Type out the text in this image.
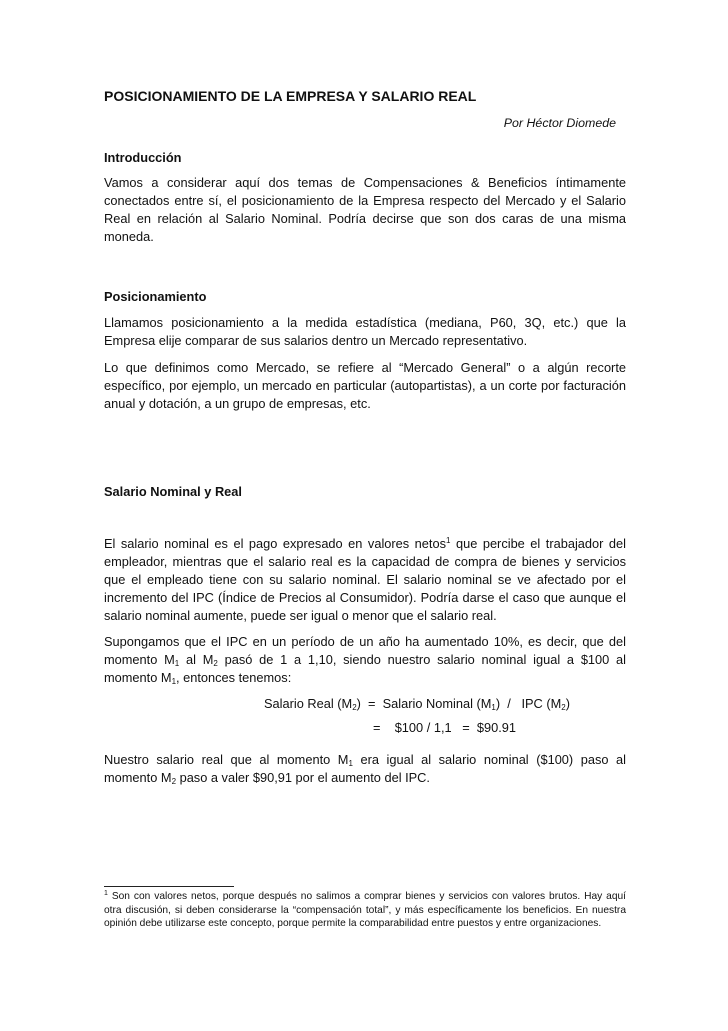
POSICIONAMIENTO DE LA EMPRESA Y SALARIO REAL

Por Héctor Diomede

Introducción

Vamos a considerar aquí dos temas de Compensaciones & Beneficios íntimamente conectados entre sí, el posicionamiento de la Empresa respecto del Mercado y el Salario Real en relación al Salario Nominal. Podría decirse que son dos caras de una misma moneda.

Posicionamiento

Llamamos posicionamiento a la medida estadística (mediana, P60, 3Q, etc.) que la Empresa elije comparar de sus salarios dentro un Mercado representativo.

Lo que definimos como Mercado, se refiere al “Mercado General” o a algún recorte específico, por ejemplo, un mercado en particular (autopartistas), a un corte por facturación anual y dotación, a un grupo de empresas, etc.

Salario Nominal y Real

El salario nominal es el pago expresado en valores netos$^1$ que percibe el trabajador del empleador, mientras que el salario real es la capacidad de compra de bienes y servicios que el empleado tiene con su salario nominal. El salario nominal se ve afectado por el incremento del IPC (Índice de Precios al Consumidor). Podría darse el caso que aunque el salario nominal aumente, puede ser igual o menor que el salario real.

Supongamos que el IPC en un período de un año ha aumentado 10%, es decir, que del momento $M_1$ al $M_2$ pasó de 1 a 1,10, siendo nuestro salario nominal igual a $100 al momento $M_1$, entonces tenemos:

Salario Real $(M_2)$  =  Salario Nominal $(M_1)$  /   IPC $(M_2)$
=    $100 / 1,1   =  $90.91

Nuestro salario real que al momento $M_1$ era igual al salario nominal ($100) paso al momento $M_2$ paso a valer $90,91 por el aumento del IPC.

$^1$ Son con valores netos, porque después no salimos a comprar bienes y servicios con valores brutos. Hay aquí otra discusión, si deben considerarse la “compensación total”, y más específicamente los beneficios. En nuestra opinión debe utilizarse este concepto, porque permite la comparabilidad entre puestos y entre organizaciones.
